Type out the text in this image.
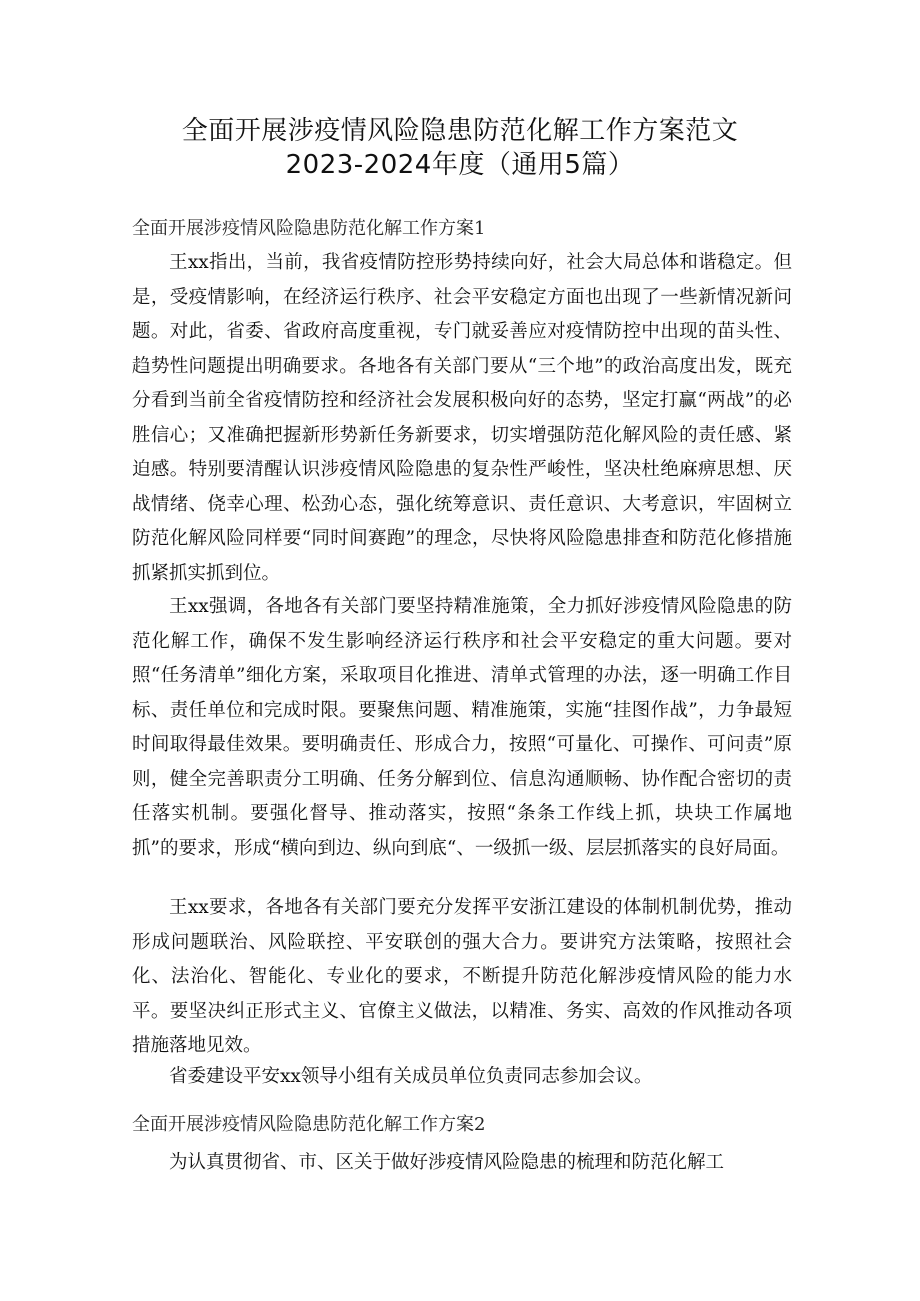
全面开展涉疫情风险隐患防范化解工作方案范文
2023-2024年度（通用5篇）
全面开展涉疫情风险隐患防范化解工作方案1

王xx指出，当前，我省疫情防控形势持续向好，社会大局总体和谐稳定。但是，受疫情影响，在经济运行秩序、社会平安稳定方面也出现了一些新情况新问题。对此，省委、省政府高度重视，专门就妥善应对疫情防控中出现的苗头性、趋势性问题提出明确要求。各地各有关部门要从“三个地”的政治高度出发，既充分看到当前全省疫情防控和经济社会发展积极向好的态势，坚定打赢“两战”的必胜信心；又准确把握新形势新任务新要求，切实增强防范化解风险的责任感、紧迫感。特别要清醒认识涉疫情风险隐患的复杂性严峻性，坚决杜绝麻痹思想、厌战情绪、侥幸心理、松劲心态，强化统筹意识、责任意识、大考意识，牢固树立防范化解风险同样要“同时间赛跑”的理念，尽快将风险隐患排查和防范化修措施抓紧抓实抓到位。

王xx强调，各地各有关部门要坚持精准施策，全力抓好涉疫情风险隐患的防范化解工作，确保不发生影响经济运行秩序和社会平安稳定的重大问题。要对照“任务清单”细化方案，采取项目化推进、清单式管理的办法，逐一明确工作目标、责任单位和完成时限。要聚焦问题、精准施策，实施“挂图作战”，力争最短时间取得最佳效果。要明确责任、形成合力，按照“可量化、可操作、可问责”原则，健全完善职责分工明确、任务分解到位、信息沟通顺畅、协作配合密切的责任落实机制。要强化督导、推动落实，按照“条条工作线上抓，块块工作属地抓”的要求，形成“横向到边、纵向到底“、一级抓一级、层层抓落实的良好局面。

王xx要求，各地各有关部门要充分发挥平安浙江建设的体制机制优势，推动形成问题联治、风险联控、平安联创的强大合力。要讲究方法策略，按照社会化、法治化、智能化、专业化的要求，不断提升防范化解涉疫情风险的能力水平。要坚决纠正形式主义、官僚主义做法，以精准、务实、高效的作风推动各项措施落地见效。

省委建设平安xx领导小组有关成员单位负责同志参加会议。

全面开展涉疫情风险隐患防范化解工作方案2

为认真贯彻省、市、区关于做好涉疫情风险隐患的梳理和防范化解工
